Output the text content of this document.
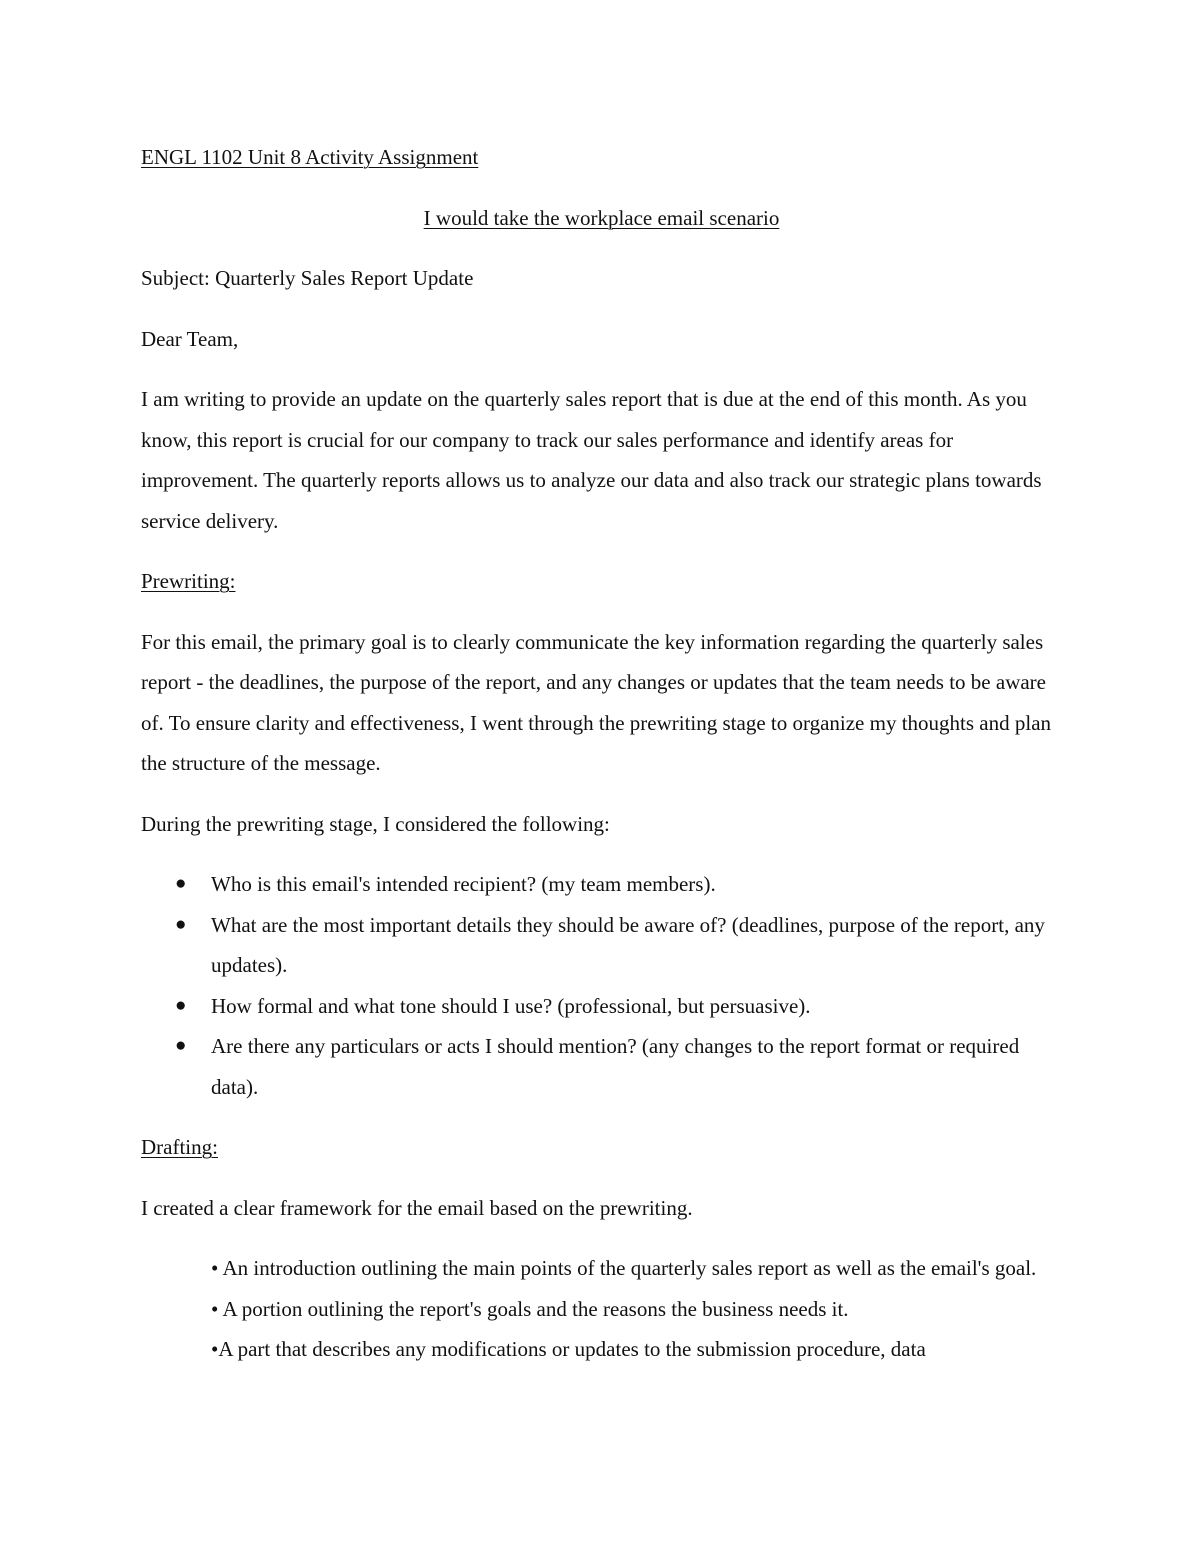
ENGL 1102 Unit 8 Activity Assignment

I would take the workplace email scenario

Subject: Quarterly Sales Report Update

Dear Team,

I am writing to provide an update on the quarterly sales report that is due at the end of this month. As you know, this report is crucial for our company to track our sales performance and identify areas for improvement. The quarterly reports allows us to analyze our data and also track our strategic plans towards service delivery.

Prewriting:

For this email, the primary goal is to clearly communicate the key information regarding the quarterly sales report - the deadlines, the purpose of the report, and any changes or updates that the team needs to be aware of. To ensure clarity and effectiveness, I went through the prewriting stage to organize my thoughts and plan the structure of the message.

During the prewriting stage, I considered the following:

● Who is this email's intended recipient? (my team members).
● What are the most important details they should be aware of? (deadlines, purpose of the report, any updates).
● How formal and what tone should I use? (professional, but persuasive).
● Are there any particulars or acts I should mention? (any changes to the report format or required data).

Drafting:

I created a clear framework for the email based on the prewriting.

• An introduction outlining the main points of the quarterly sales report as well as the email's goal.
• A portion outlining the report's goals and the reasons the business needs it.
•A part that describes any modifications or updates to the submission procedure, data
